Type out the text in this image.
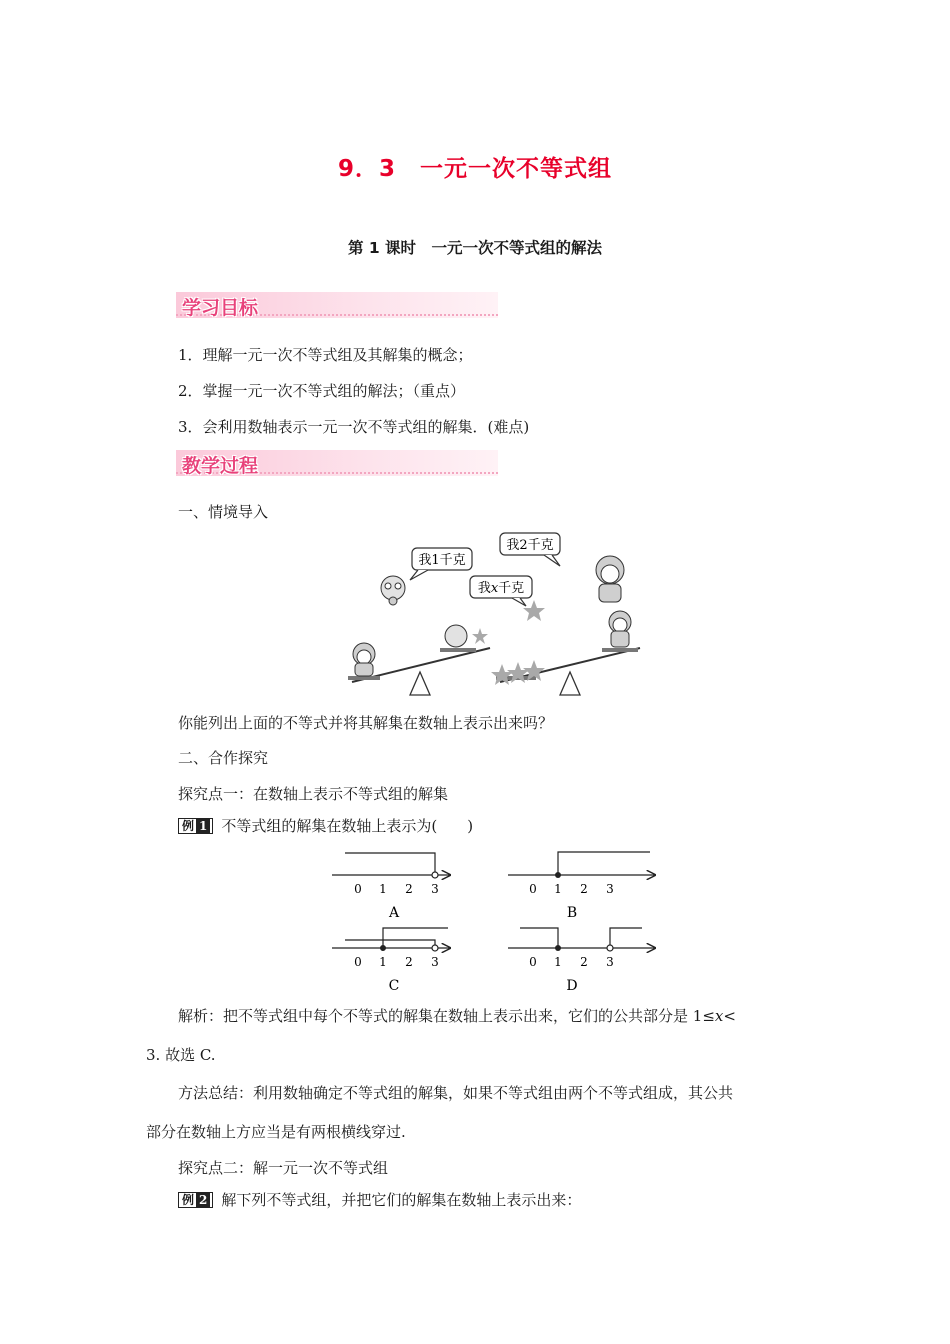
9．3　一元一次不等式组
第 1 课时　一元一次不等式组的解法
学习目标
1．理解一元一次不等式组及其解集的概念；
2．掌握一元一次不等式组的解法；（重点）
3．会利用数轴表示一元一次不等式组的解集．(难点)
教学过程
一、情境导入
我1千克
我2千克
我x千克
你能列出上面的不等式并将其解集在数轴上表示出来吗？
二、合作探究
探究点一：在数轴上表示不等式组的解集
例 1 不等式组的解集在数轴上表示为(　　)
0 1 2 3
A
0 1 2 3
B
0 1 2 3
C
0 1 2 3
D
解析：把不等式组中每个不等式的解集在数轴上表示出来，它们的公共部分是 1≤x<
3. 故选 C.
方法总结：利用数轴确定不等式组的解集，如果不等式组由两个不等式组成，其公共
部分在数轴上方应当是有两根横线穿过.
探究点二：解一元一次不等式组
例 2 解下列不等式组，并把它们的解集在数轴上表示出来：
